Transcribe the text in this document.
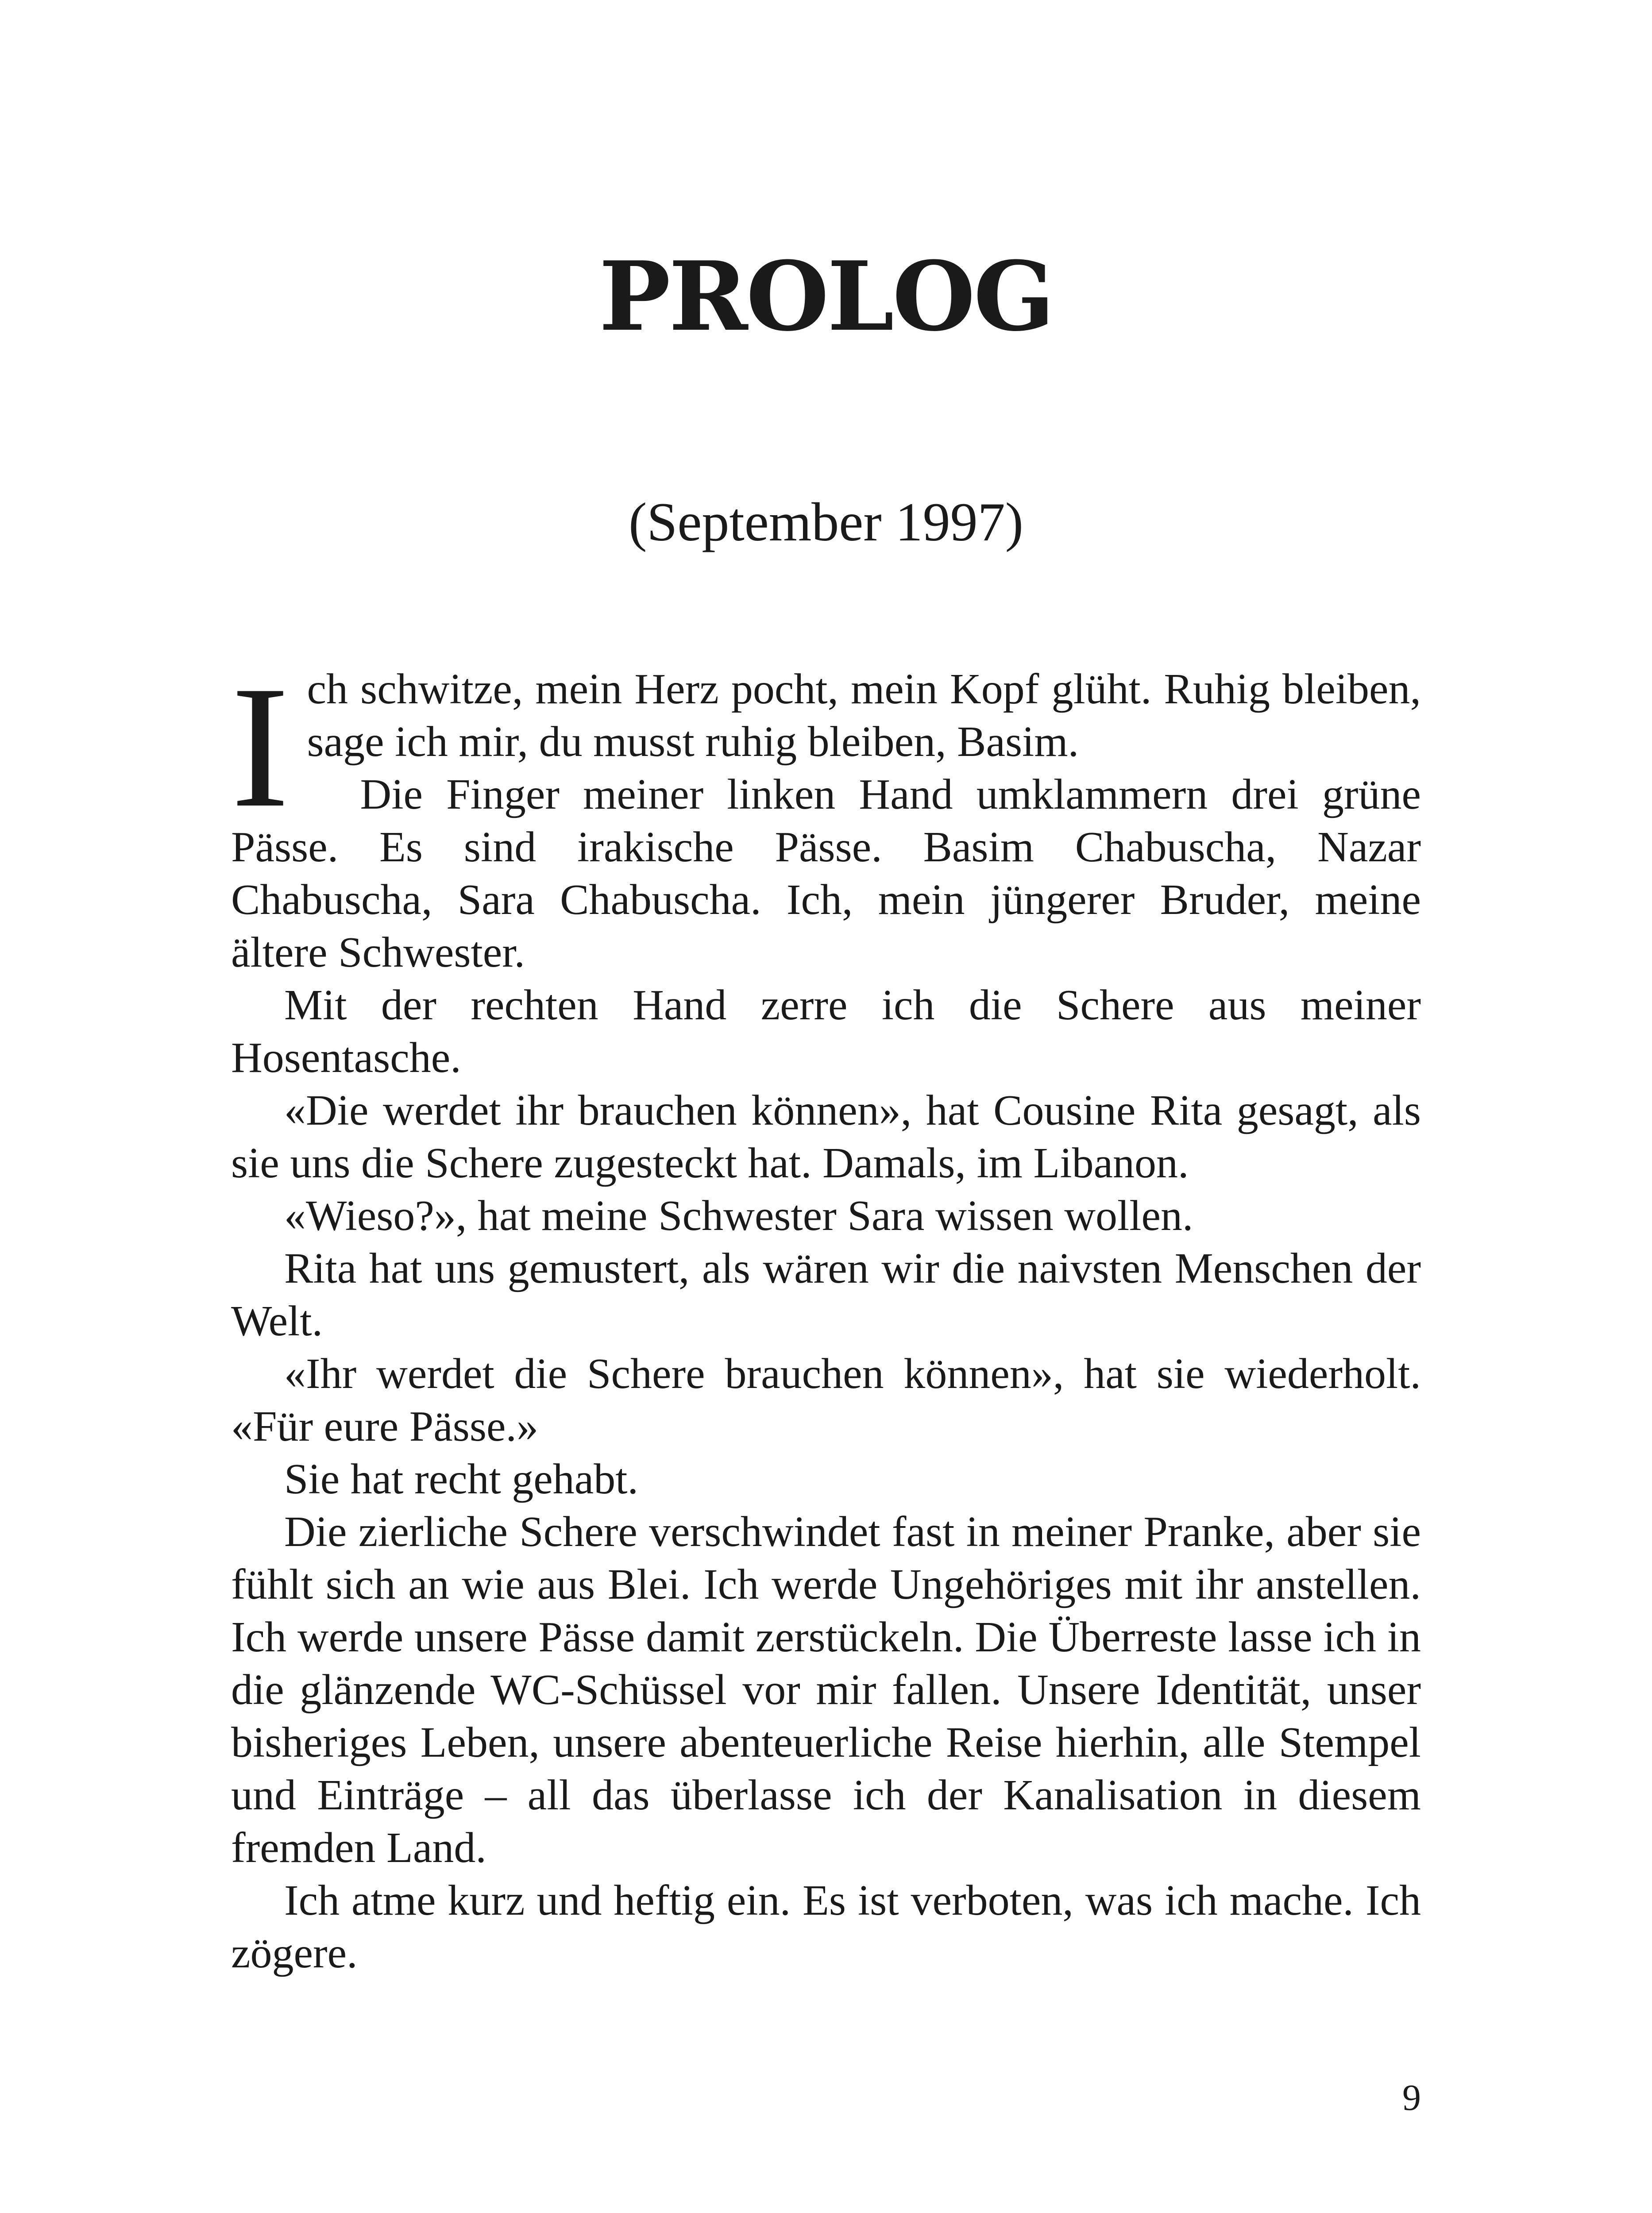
PROLOG
(September 1997)

Ich schwitze, mein Herz pocht, mein Kopf glüht. Ruhig bleiben, sage ich mir, du musst ruhig bleiben, Basim.

Die Finger meiner linken Hand umklammern drei grüne Pässe. Es sind irakische Pässe. Basim Chabuscha, Nazar Chabuscha, Sara Chabuscha. Ich, mein jüngerer Bruder, meine ältere Schwester.

Mit der rechten Hand zerre ich die Schere aus meiner Hosentasche.

«Die werdet ihr brauchen können», hat Cousine Rita gesagt, als sie uns die Schere zugesteckt hat. Damals, im Libanon.

«Wieso?», hat meine Schwester Sara wissen wollen.

Rita hat uns gemustert, als wären wir die naivsten Menschen der Welt.

«Ihr werdet die Schere brauchen können», hat sie wiederholt. «Für eure Pässe.»

Sie hat recht gehabt.

Die zierliche Schere verschwindet fast in meiner Pranke, aber sie fühlt sich an wie aus Blei. Ich werde Ungehöriges mit ihr anstellen. Ich werde unsere Pässe damit zerstückeln. Die Überreste lasse ich in die glänzende WC-Schüssel vor mir fallen. Unsere Identität, unser bisheriges Leben, unsere abenteuerliche Reise hierhin, alle Stempel und Einträge – all das überlasse ich der Kanalisation in diesem fremden Land.

Ich atme kurz und heftig ein. Es ist verboten, was ich mache. Ich zögere.

9
